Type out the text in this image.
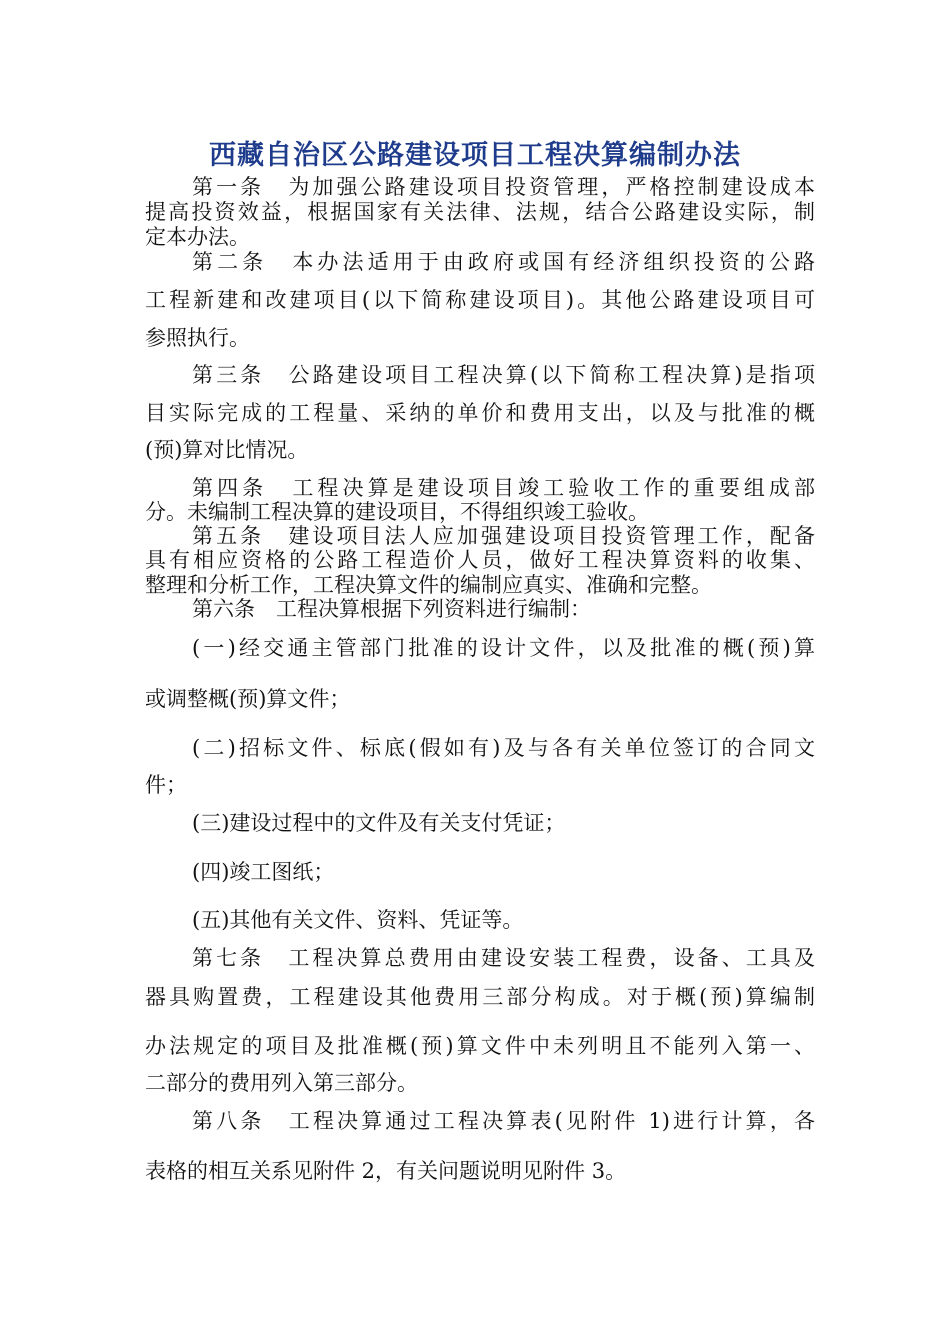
西藏自治区公路建设项目工程决算编制办法
第一条　为加强公路建设项目投资管理，严格控制建设成本
提高投资效益，根据国家有关法律、法规，结合公路建设实际，制
定本办法。
第二条　本办法适用于由政府或国有经济组织投资的公路
工程新建和改建项目(以下简称建设项目)。其他公路建设项目可
参照执行。
第三条　公路建设项目工程决算(以下简称工程决算)是指项
目实际完成的工程量、采纳的单价和费用支出，以及与批准的概
(预)算对比情况。
第四条　工程决算是建设项目竣工验收工作的重要组成部
分。未编制工程决算的建设项目，不得组织竣工验收。
第五条　建设项目法人应加强建设项目投资管理工作，配备
具有相应资格的公路工程造价人员，做好工程决算资料的收集、
整理和分析工作，工程决算文件的编制应真实、准确和完整。
第六条　工程决算根据下列资料进行编制：
(一)经交通主管部门批准的设计文件，以及批准的概(预)算
或调整概(预)算文件；
(二)招标文件、标底(假如有)及与各有关单位签订的合同文
件；
(三)建设过程中的文件及有关支付凭证；
(四)竣工图纸；
(五)其他有关文件、资料、凭证等。
第七条　工程决算总费用由建设安装工程费，设备、工具及
器具购置费，工程建设其他费用三部分构成。对于概(预)算编制
办法规定的项目及批准概(预)算文件中未列明且不能列入第一、
二部分的费用列入第三部分。
第八条　工程决算通过工程决算表(见附件 1)进行计算，各
表格的相互关系见附件 2，有关问题说明见附件 3。
